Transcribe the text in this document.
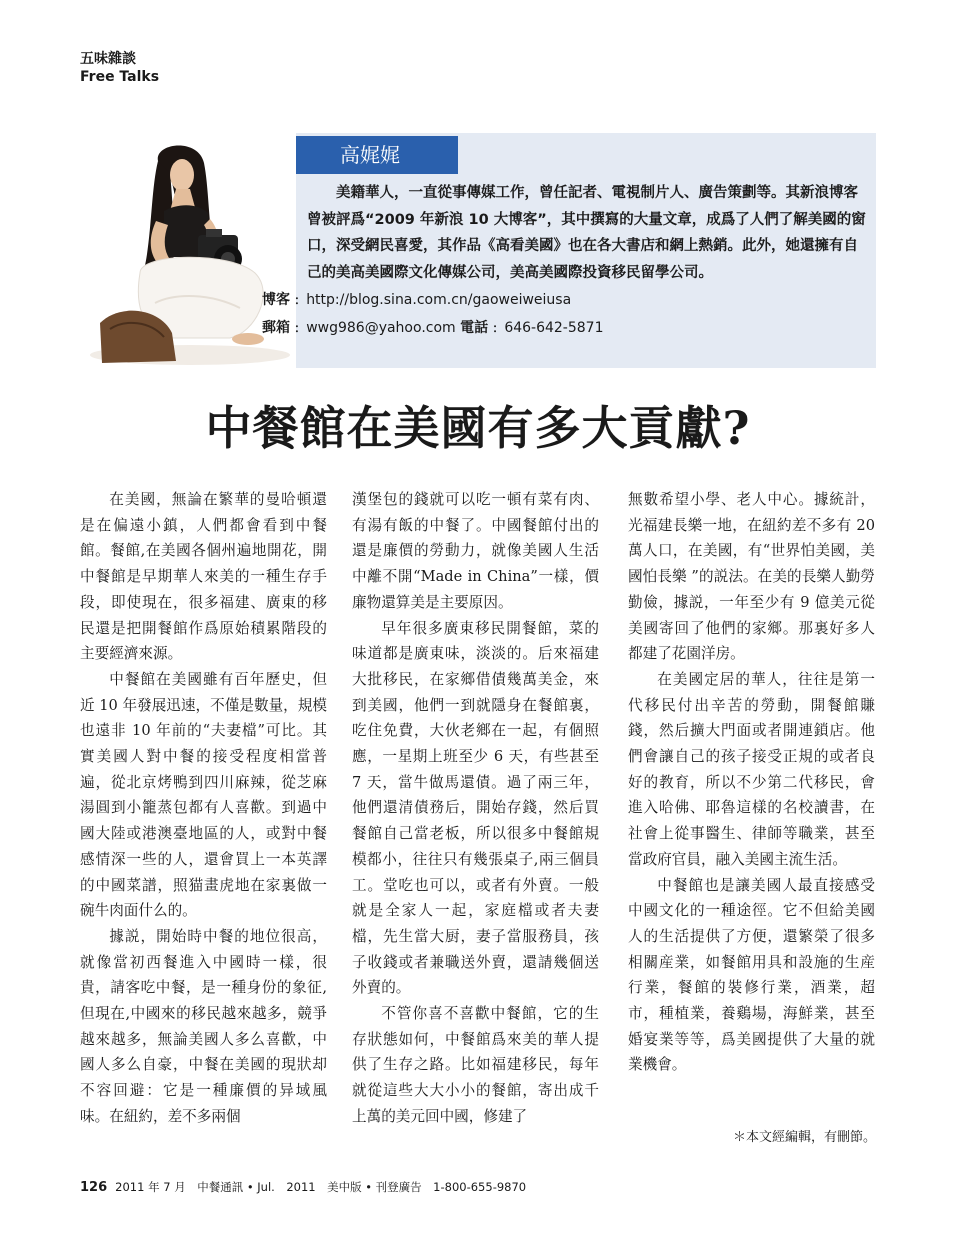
五味雜談
Free Talks
高娓娓

美籍華人，一直從事傳媒工作，曾任記者、電視制片人、廣告策劃等。其新浪博客曾被評爲“2009 年新浪 10 大博客”，其中撰寫的大量文章，成爲了人們了解美國的窗口，深受網民喜愛，其作品《高看美國》也在各大書店和網上熱銷。此外，她還擁有自己的美高美國際文化傳媒公司，美高美國際投資移民留學公司。

博客 ：http://blog.sina.com.cn/gaoweiweiusa
郵箱 ：wwg986@yahoo.com 電話 ：646-642-5871
中餐館在美國有多大貢獻?

在美國，無論在繁華的曼哈頓還是在偏遠小鎮，人們都會看到中餐館。餐館,在美國各個州遍地開花，開中餐館是早期華人來美的一種生存手段，即使現在，很多福建、廣東的移民還是把開餐館作爲原始積累階段的主要經濟來源。

中餐館在美國雖有百年歷史，但近 10 年發展迅速，不僅是數量，規模也遠非 10 年前的“夫妻檔”可比。其實美國人對中餐的接受程度相當普遍，從北京烤鴨到四川麻辣，從芝麻湯圓到小籠蒸包都有人喜歡。到過中國大陸或港澳臺地區的人，或對中餐感情深一些的人，還會買上一本英譯的中國菜譜，照猫畫虎地在家裏做一碗牛肉面什么的。

據説，開始時中餐的地位很高，就像當初西餐進入中國時一樣，很貴，請客吃中餐，是一種身份的象征,但現在,中國來的移民越來越多，競爭越來越多，無論美國人多么喜歡，中國人多么自豪，中餐在美國的現狀却不容回避：它是一種廉價的异域風味。在紐約，差不多兩個

漢堡包的錢就可以吃一頓有菜有肉、有湯有飯的中餐了。中國餐館付出的還是廉價的勞動力，就像美國人生活中離不開“Made in China”一樣，價廉物還算美是主要原因。

早年很多廣東移民開餐館，菜的味道都是廣東味，淡淡的。后來福建大批移民，在家鄉借債幾萬美金，來到美國，他們一到就隱身在餐館裏，吃住免費，大伙老鄉在一起，有個照應，一星期上班至少 6 天，有些甚至 7 天，當牛做馬還債。過了兩三年，他們還清債務后，開始存錢，然后買餐館自己當老板，所以很多中餐館規模都小，往往只有幾張桌子,兩三個員工。堂吃也可以，或者有外賣。一般就是全家人一起，家庭檔或者夫妻檔，先生當大厨，妻子當服務員，孩子收錢或者兼職送外賣，還請幾個送外賣的。

不管你喜不喜歡中餐館，它的生存狀態如何，中餐館爲來美的華人提供了生存之路。比如福建移民，每年就從這些大大小小的餐館，寄出成千上萬的美元回中國，修建了

無數希望小學、老人中心。據統計，光福建長樂一地，在紐約差不多有 20 萬人口，在美國，有“世界怕美國，美國怕長樂 ”的説法。在美的長樂人勤勞勤儉，據説，一年至少有 9 億美元從美國寄回了他們的家鄉。那裏好多人都建了花園洋房。

在美國定居的華人，往往是第一代移民付出辛苦的勞動，開餐館賺錢，然后擴大門面或者開連鎖店。他們會讓自己的孩子接受正規的或者良好的教育，所以不少第二代移民，會進入哈佛、耶魯這樣的名校讀書，在社會上從事醫生、律師等職業，甚至當政府官員，融入美國主流生活。

中餐館也是讓美國人最直接感受中國文化的一種途徑。它不但給美國人的生活提供了方便，還繁榮了很多相關産業，如餐館用具和設施的生産行業，餐館的裝修行業，酒業，超市，種植業，養鷄場，海鮮業，甚至婚宴業等等，爲美國提供了大量的就業機會。

＊本文經編輯，有刪節。
126 2011 年 7 月　中餐通訊 • Jul.　2011　美中版 • 刊登廣告　1-800-655-9870
